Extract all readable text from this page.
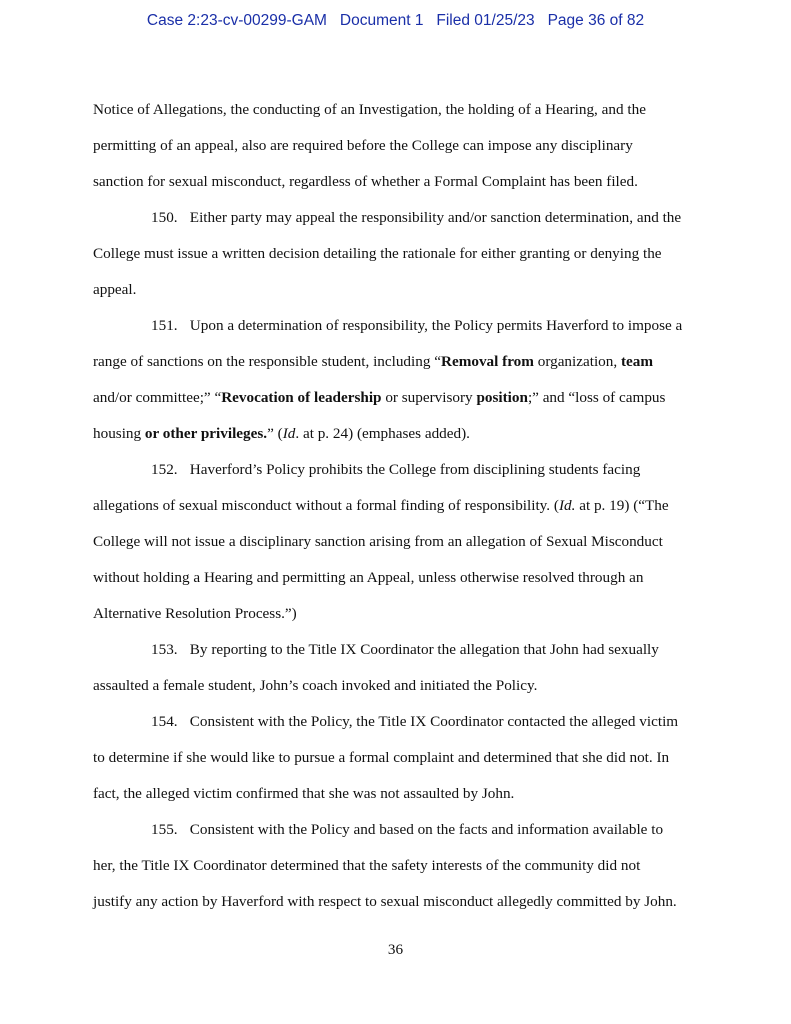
Case 2:23-cv-00299-GAM Document 1 Filed 01/25/23 Page 36 of 82
Notice of Allegations, the conducting of an Investigation, the holding of a Hearing, and the
permitting of an appeal, also are required before the College can impose any disciplinary
sanction for sexual misconduct, regardless of whether a Formal Complaint has been filed.
150. Either party may appeal the responsibility and/or sanction determination, and the
College must issue a written decision detailing the rationale for either granting or denying the
appeal.
151. Upon a determination of responsibility, the Policy permits Haverford to impose a
range of sanctions on the responsible student, including “Removal from organization, team
and/or committee;” “Revocation of leadership or supervisory position;” and “loss of campus
housing or other privileges.” (Id. at p. 24) (emphases added).
152. Haverford’s Policy prohibits the College from disciplining students facing
allegations of sexual misconduct without a formal finding of responsibility. (Id. at p. 19) (“The
College will not issue a disciplinary sanction arising from an allegation of Sexual Misconduct
without holding a Hearing and permitting an Appeal, unless otherwise resolved through an
Alternative Resolution Process.”)
153. By reporting to the Title IX Coordinator the allegation that John had sexually
assaulted a female student, John’s coach invoked and initiated the Policy.
154. Consistent with the Policy, the Title IX Coordinator contacted the alleged victim
to determine if she would like to pursue a formal complaint and determined that she did not. In
fact, the alleged victim confirmed that she was not assaulted by John.
155. Consistent with the Policy and based on the facts and information available to
her, the Title IX Coordinator determined that the safety interests of the community did not
justify any action by Haverford with respect to sexual misconduct allegedly committed by John.
36
